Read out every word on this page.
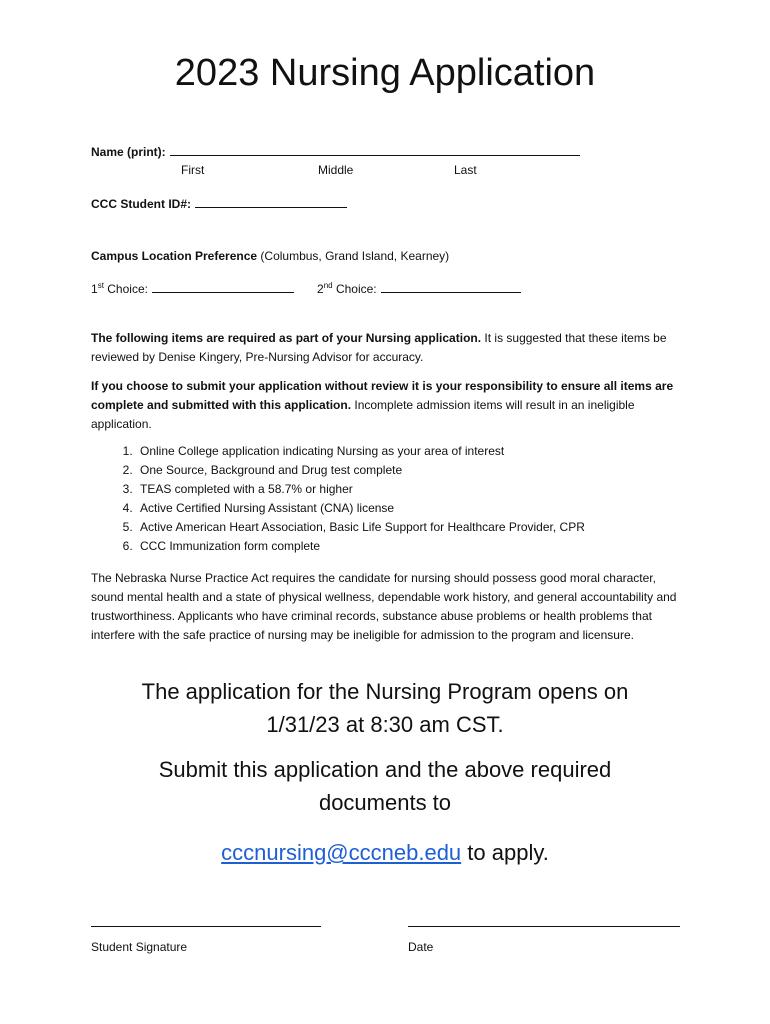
2023 Nursing Application
Name (print):
First	Middle	Last
CCC Student ID#:
Campus Location Preference (Columbus, Grand Island, Kearney)
1st Choice:	2nd Choice:
The following items are required as part of your Nursing application. It is suggested that these items be reviewed by Denise Kingery, Pre-Nursing Advisor for accuracy.
If you choose to submit your application without review it is your responsibility to ensure all items are complete and submitted with this application. Incomplete admission items will result in an ineligible application.
1. Online College application indicating Nursing as your area of interest
2. One Source, Background and Drug test complete
3. TEAS completed with a 58.7% or higher
4. Active Certified Nursing Assistant (CNA) license
5. Active American Heart Association, Basic Life Support for Healthcare Provider, CPR
6. CCC Immunization form complete
The Nebraska Nurse Practice Act requires the candidate for nursing should possess good moral character, sound mental health and a state of physical wellness, dependable work history, and general accountability and trustworthiness. Applicants who have criminal records, substance abuse problems or health problems that interfere with the safe practice of nursing may be ineligible for admission to the program and licensure.
The application for the Nursing Program opens on
1/31/23 at 8:30 am CST.
Submit this application and the above required
documents to
cccnursing@cccneb.edu to apply.
Student Signature	Date
